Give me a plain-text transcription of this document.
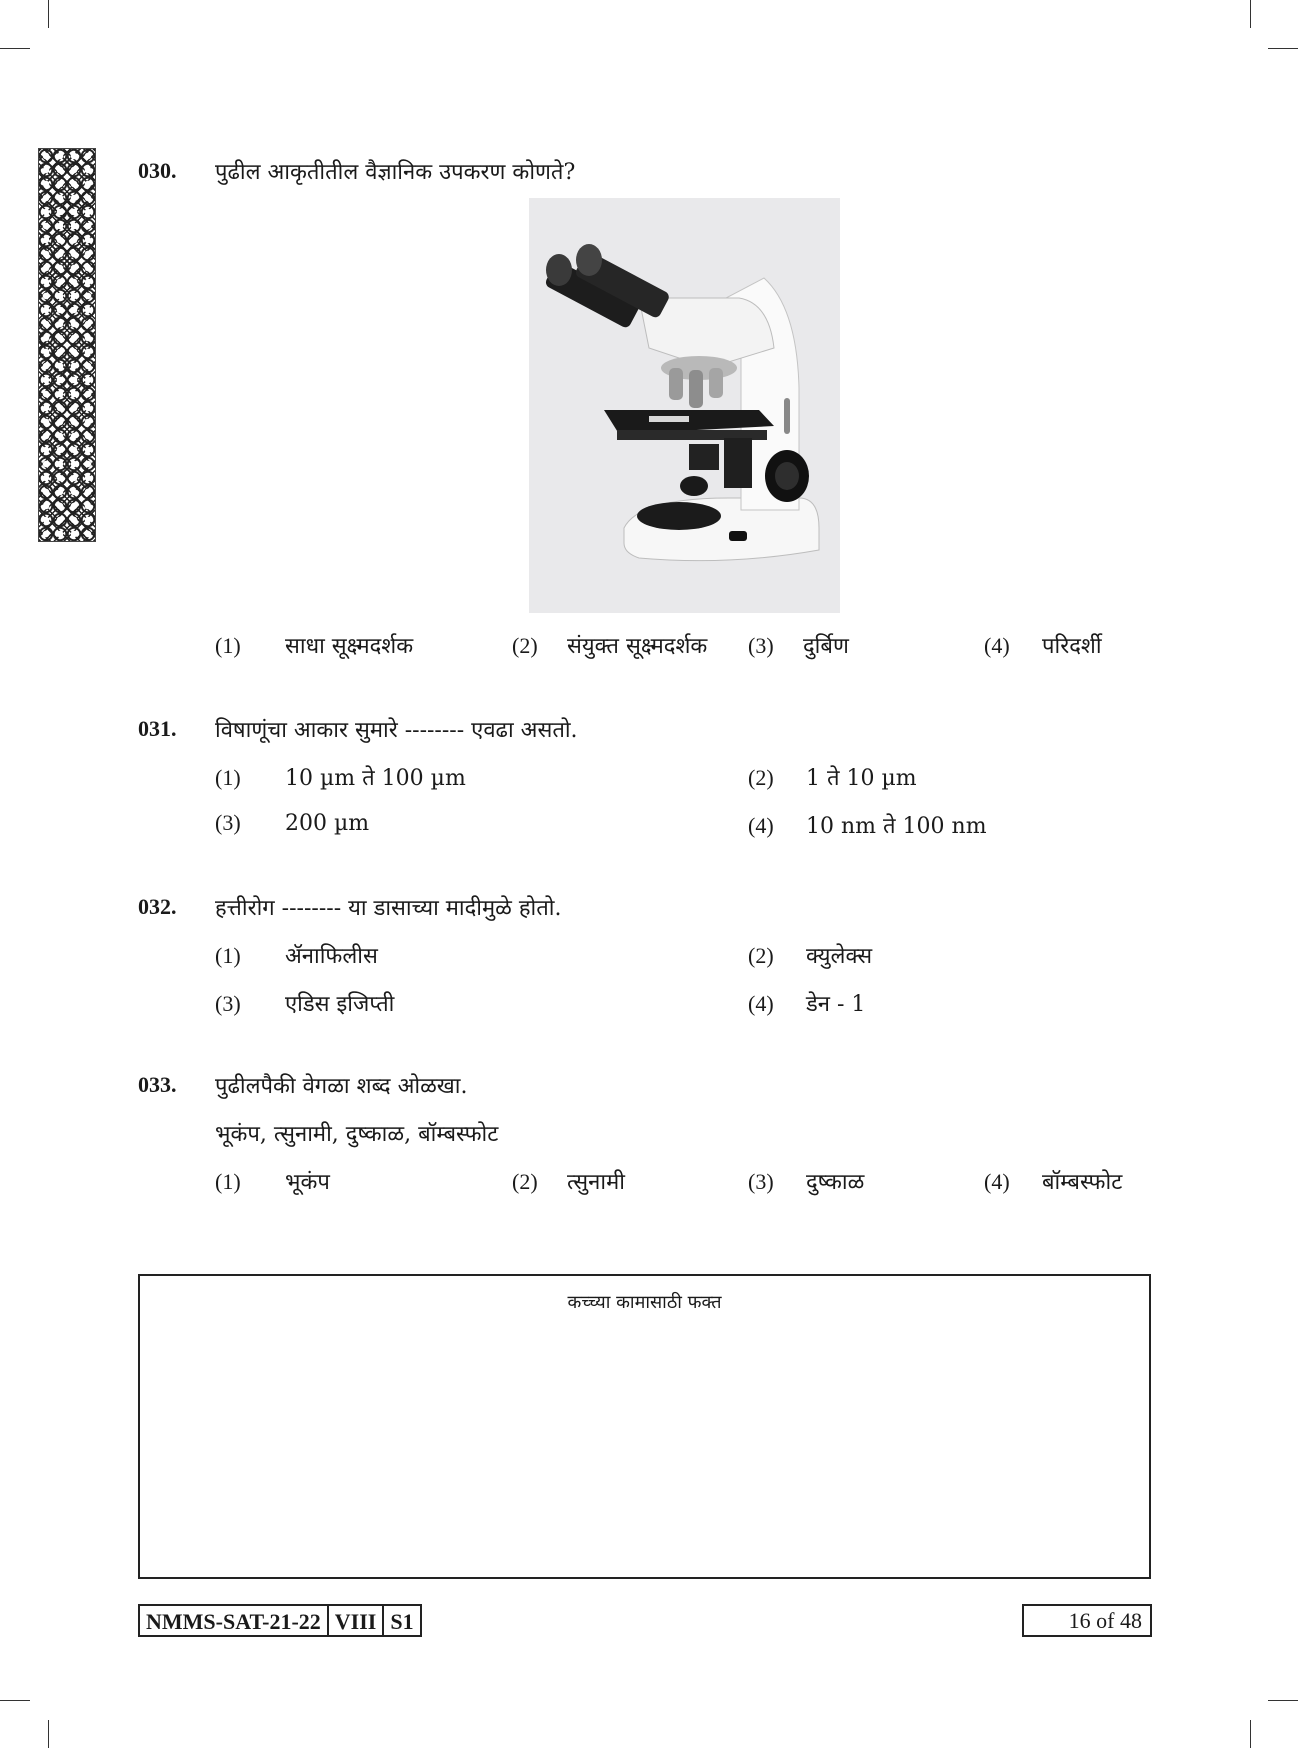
030. पुढील आकृतीतील वैज्ञानिक उपकरण कोणते?
(1) साधा सूक्ष्मदर्शक	(2) संयुक्त सूक्ष्मदर्शक (3) दुर्बिण	(4) परिदर्शी
031. विषाणूंचा आकार सुमारे -------- एवढा असतो.
(1) 10 µm ते 100 µm	(2) 1 ते 10 µm
(3) 200 µm	(4) 10 nm ते 100 nm
032. हत्तीरोग -------- या डासाच्या मादीमुळे होतो.
(1) ॲनाफिलीस	(2) क्युलेक्स
(3) एडिस इजिप्ती	(4) डेन - 1
033. पुढीलपैकी वेगळा शब्द ओळखा.
भूकंप, त्सुनामी, दुष्काळ, बॉम्बस्फोट
(1) भूकंप	(2) त्सुनामी	(3) दुष्काळ	(4) बॉम्बस्फोट
कच्च्या कामासाठी फक्त
NMMS-SAT-21-22 VIII S1	16 of 48
